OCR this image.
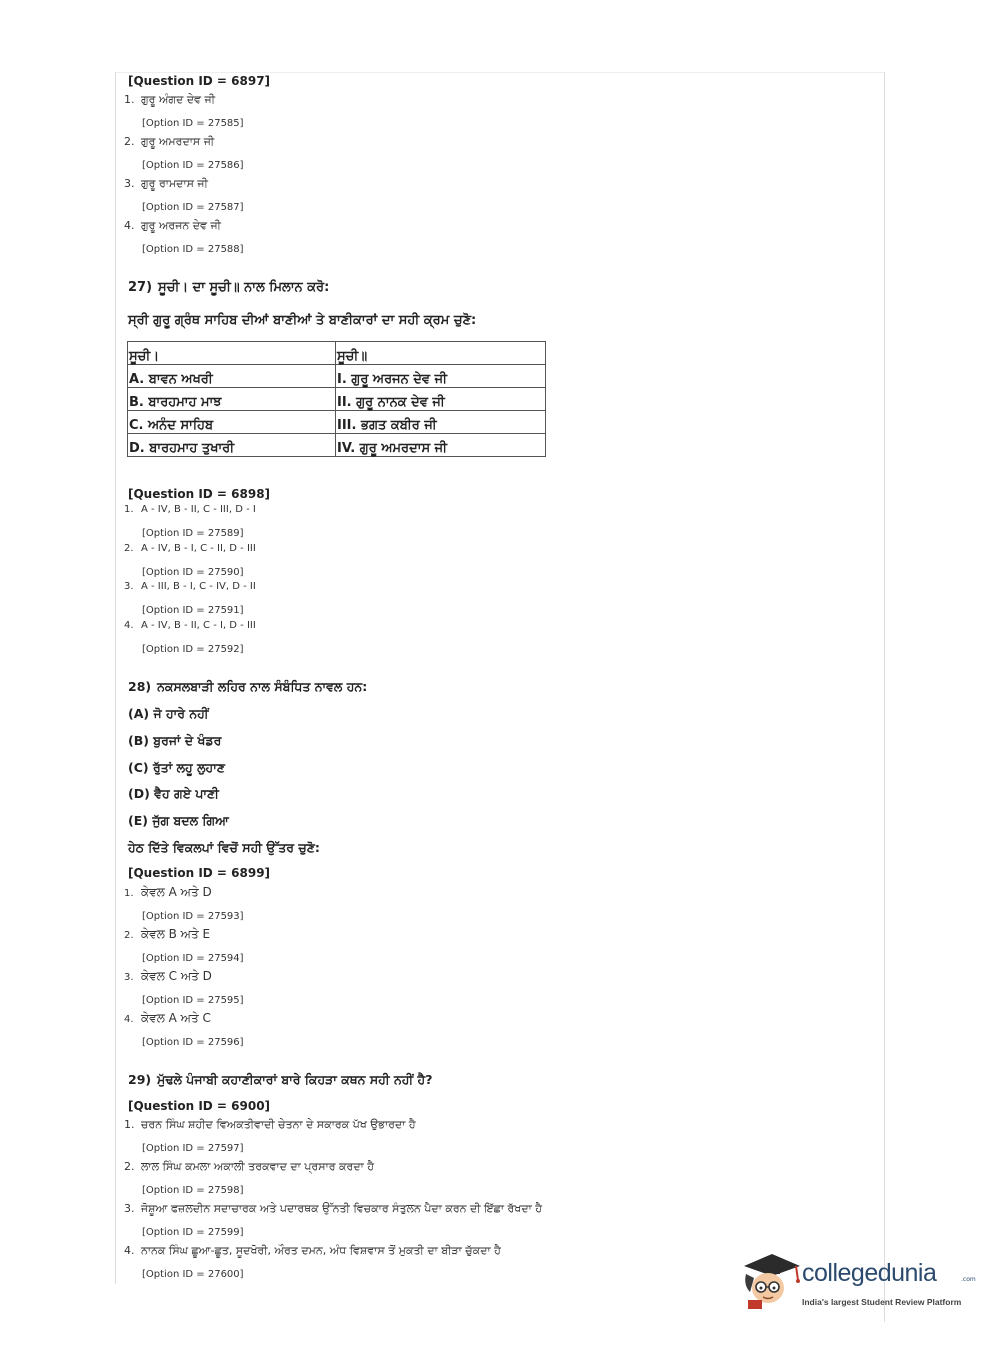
[Question ID = 6897]
1. ਗੁਰੂ ਅੰਗਦ ਦੇਵ ਜੀ
[Option ID = 27585]
2. ਗੁਰੂ ਅਮਰਦਾਸ ਜੀ
[Option ID = 27586]
3. ਗੁਰੂ ਰਾਮਦਾਸ ਜੀ
[Option ID = 27587]
4. ਗੁਰੂ ਅਰਜਨ ਦੇਵ ਜੀ
[Option ID = 27588]
27) ਸੂਚੀ। ਦਾ ਸੂਚੀ॥ ਨਾਲ ਮਿਲਾਨ ਕਰੋ:
ਸ੍ਰੀ ਗੁਰੂ ਗ੍ਰੰਥ ਸਾਹਿਬ ਦੀਆਂ ਬਾਣੀਆਂ ਤੇ ਬਾਣੀਕਾਰਾਂ ਦਾ ਸਹੀ ਕ੍ਰਮ ਚੁਣੋ:
ਸੂਚੀ।	ਸੂਚੀ॥
A. ਬਾਵਨ ਅਖਰੀ	I. ਗੁਰੂ ਅਰਜਨ ਦੇਵ ਜੀ
B. ਬਾਰਹਮਾਹ ਮਾਝ	II. ਗੁਰੂ ਨਾਨਕ ਦੇਵ ਜੀ
C. ਅਨੰਦ ਸਾਹਿਬ	III. ਭਗਤ ਕਬੀਰ ਜੀ
D. ਬਾਰਹਮਾਹ ਤੁਖਾਰੀ	IV. ਗੁਰੂ ਅਮਰਦਾਸ ਜੀ
[Question ID = 6898]
1. A - IV, B - II, C - III, D - I
[Option ID = 27589]
2. A - IV, B - I, C - II, D - III
[Option ID = 27590]
3. A - III, B - I, C - IV, D - II
[Option ID = 27591]
4. A - IV, B - II, C - I, D - III
[Option ID = 27592]
28) ਨਕਸਲਬਾੜੀ ਲਹਿਰ ਨਾਲ ਸੰਬੰਧਿਤ ਨਾਵਲ ਹਨ:
(A) ਜੋ ਹਾਰੇ ਨਹੀਂ
(B) ਬੁਰਜਾਂ ਦੇ ਖੰਡਰ
(C) ਰੁੱਤਾਂ ਲਹੂ ਲੁਹਾਣ
(D) ਵੈਹ ਗਏ ਪਾਣੀ
(E) ਜੁੱਗ ਬਦਲ ਗਿਆ
ਹੇਠ ਦਿੱਤੇ ਵਿਕਲਪਾਂ ਵਿਚੋਂ ਸਹੀ ਉੱਤਰ ਚੁਣੋ:
[Question ID = 6899]
1. ਕੇਵਲ A ਅਤੇ D
[Option ID = 27593]
2. ਕੇਵਲ B ਅਤੇ E
[Option ID = 27594]
3. ਕੇਵਲ C ਅਤੇ D
[Option ID = 27595]
4. ਕੇਵਲ A ਅਤੇ C
[Option ID = 27596]
29) ਮੁੱਢਲੇ ਪੰਜਾਬੀ ਕਹਾਣੀਕਾਰਾਂ ਬਾਰੇ ਕਿਹੜਾ ਕਥਨ ਸਹੀ ਨਹੀਂ ਹੈ?
[Question ID = 6900]
1. ਚਰਨ ਸਿੰਘ ਸ਼ਹੀਦ ਵਿਅਕਤੀਵਾਦੀ ਚੇਤਨਾ ਦੇ ਸਕਾਰਕ ਪੱਖ ਉਭਾਰਦਾ ਹੈ
[Option ID = 27597]
2. ਲਾਲ ਸਿੰਘ ਕਮਲਾ ਅਕਾਲੀ ਤਰਕਵਾਦ ਦਾ ਪ੍ਰਸਾਰ ਕਰਦਾ ਹੈ
[Option ID = 27598]
3. ਜੋਸ਼ੂਆ ਫਜ਼ਲਦੀਨ ਸਦਾਚਾਰਕ ਅਤੇ ਪਦਾਰਥਕ ਉੱਨਤੀ ਵਿਚਕਾਰ ਸੰਤੁਲਨ ਪੈਦਾ ਕਰਨ ਦੀ ਇੱਛਾ ਰੱਖਦਾ ਹੈ
[Option ID = 27599]
4. ਨਾਨਕ ਸਿੰਘ ਛੂਆ-ਛੂਤ, ਸੂਦਖੋਰੀ, ਔਰਤ ਦਮਨ, ਅੰਧ ਵਿਸ਼ਵਾਸ ਤੋਂ ਮੁਕਤੀ ਦਾ ਬੀੜਾ ਚੁੱਕਦਾ ਹੈ
[Option ID = 27600]	collegedunia	.com
India's largest Student Review Platform
